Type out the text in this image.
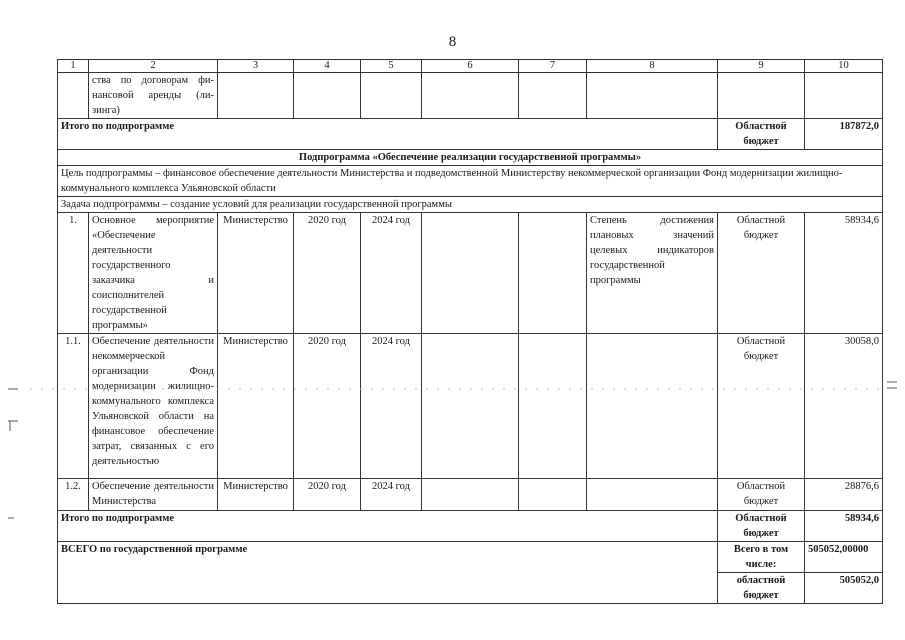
8
1	2	3	4	5	6	7	8	9	10
	ства по договорам фи-нансовой аренды (ли-зинга)								
Итого по подпрограмме								Областной бюджет	187872,0
Подпрограмма «Обеспечение реализации государственной программы»									
Цель подпрограммы – финансовое обеспечение деятельности Министерства и подведомственной Министерству некоммерческой организации Фонд модернизации жилищно-коммунального комплекса Ульяновской области									
Задача подпрограммы – создание условий для реализации государственной программы									
1.	Основное мероприятие «Обеспечение деятельности государственного заказчика и соисполнителей государственной программы»	Министерство	2020 год	2024 год			Степень достижения плановых значений целевых индикаторов государственной программы	Областной бюджет	58934,6
1.1.	Обеспечение деятельности некоммерческой организации Фонд модернизации жилищно-коммунального комплекса Ульяновской области на финансовое обеспечение затрат, связанных с его деятельностью	Министерство	2020 год	2024 год				Областной бюджет	30058,0
1.2.	Обеспечение деятельности Министерства	Министерство	2020 год	2024 год				Областной бюджет	28876,6
Итого по подпрограмме								Областной бюджет	58934,6
ВСЕГО по государственной программе								Всего в том числе:	505052,00000
								областной бюджет	505052,0
